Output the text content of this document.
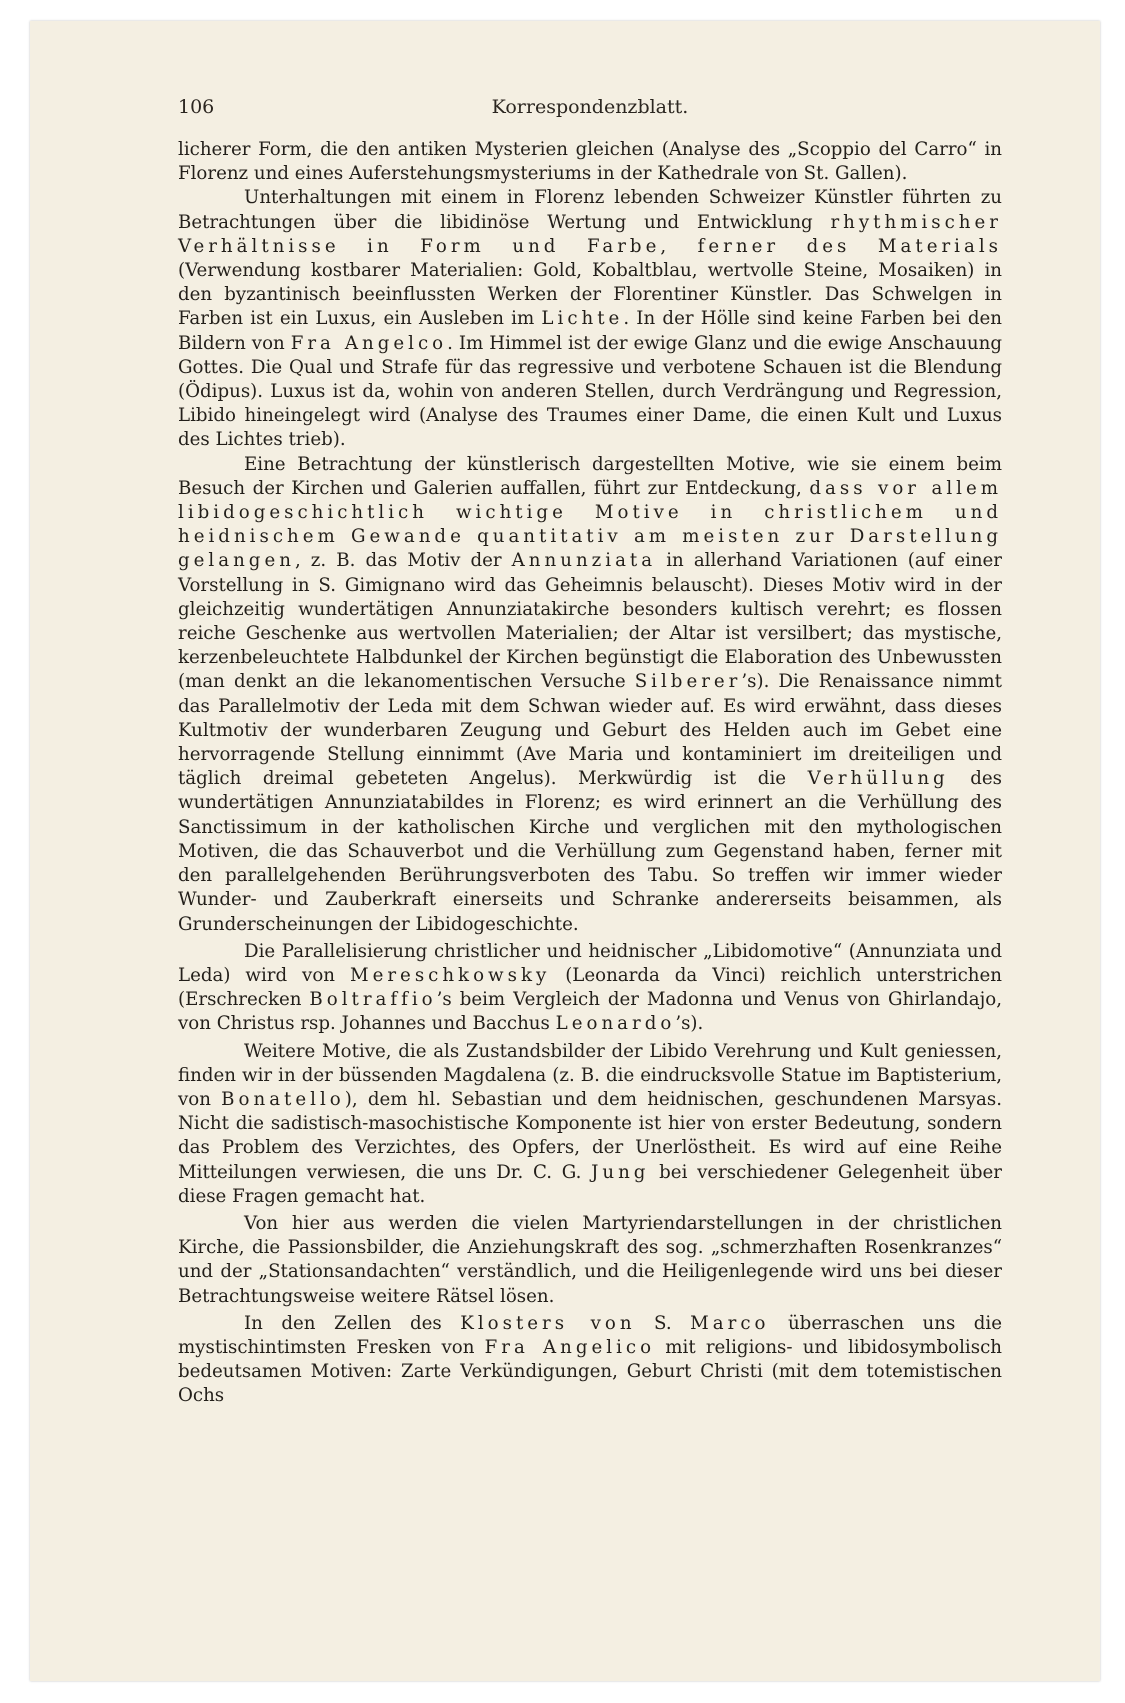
106	Korrespondenzblatt.

licherer Form, die den antiken Mysterien gleichen (Analyse des „Scoppio del Carro“ in Florenz und eines Auferstehungsmysteriums in der Kathedrale von St. Gallen).

Unterhaltungen mit einem in Florenz lebenden Schweizer Künstler führten zu Betrachtungen über die libidinöse Wertung und Entwicklung rhythmischer Verhältnisse in Form und Farbe, ferner des Materials (Verwendung kostbarer Materialien: Gold, Kobaltblau, wertvolle Steine, Mosaiken) in den byzantinisch beeinflussten Werken der Florentiner Künstler. Das Schwelgen in Farben ist ein Luxus, ein Ausleben im Lichte. In der Hölle sind keine Farben bei den Bildern von Fra Angelco. Im Himmel ist der ewige Glanz und die ewige Anschauung Gottes. Die Qual und Strafe für das regressive und verbotene Schauen ist die Blendung (Ödipus). Luxus ist da, wohin von anderen Stellen, durch Verdrängung und Regression, Libido hineingelegt wird (Analyse des Traumes einer Dame, die einen Kult und Luxus des Lichtes trieb).

Eine Betrachtung der künstlerisch dargestellten Motive, wie sie einem beim Besuch der Kirchen und Galerien auffallen, führt zur Entdeckung, dass vor allem libidogeschichtlich wichtige Motive in christlichem und heidnischem Gewande quantitativ am meisten zur Darstellung gelangen, z. B. das Motiv der Annunziata in allerhand Variationen (auf einer Vorstellung in S. Gimignano wird das Geheimnis belauscht). Dieses Motiv wird in der gleichzeitig wundertätigen Annunziatakirche besonders kultisch verehrt; es flossen reiche Geschenke aus wertvollen Materialien; der Altar ist versilbert; das mystische, kerzenbeleuchtete Halbdunkel der Kirchen begünstigt die Elaboration des Unbewussten (man denkt an die lekanomentischen Versuche Silberer’s). Die Renaissance nimmt das Parallelmotiv der Leda mit dem Schwan wieder auf. Es wird erwähnt, dass dieses Kultmotiv der wunderbaren Zeugung und Geburt des Helden auch im Gebet eine hervorragende Stellung einnimmt (Ave Maria und kontaminiert im dreiteiligen und täglich dreimal gebeteten Angelus). Merkwürdig ist die Verhüllung des wundertätigen Annunziatabildes in Florenz; es wird erinnert an die Verhüllung des Sanctissimum in der katholischen Kirche und verglichen mit den mythologischen Motiven, die das Schauverbot und die Verhüllung zum Gegenstand haben, ferner mit den parallelgehenden Berührungsverboten des Tabu. So treffen wir immer wieder Wunder- und Zauberkraft einerseits und Schranke andererseits beisammen, als Grunderscheinungen der Libidogeschichte.

Die Parallelisierung christlicher und heidnischer „Libidomotive“ (Annunziata und Leda) wird von Mereschkowsky (Leonarda da Vinci) reichlich unterstrichen (Erschrecken Boltraffio’s beim Vergleich der Madonna und Venus von Ghirlandajo, von Christus rsp. Johannes und Bacchus Leonardo’s).

Weitere Motive, die als Zustandsbilder der Libido Verehrung und Kult geniessen, finden wir in der büssenden Magdalena (z. B. die eindrucksvolle Statue im Baptisterium, von Bonatello), dem hl. Sebastian und dem heidnischen, geschundenen Marsyas. Nicht die sadistisch-masochistische Komponente ist hier von erster Bedeutung, sondern das Problem des Verzichtes, des Opfers, der Unerlöstheit. Es wird auf eine Reihe Mitteilungen verwiesen, die uns Dr. C. G. Jung bei verschiedener Gelegenheit über diese Fragen gemacht hat.

Von hier aus werden die vielen Martyriendarstellungen in der christlichen Kirche, die Passionsbilder, die Anziehungskraft des sog. „schmerzhaften Rosenkranzes“ und der „Stationsandachten“ verständlich, und die Heiligenlegende wird uns bei dieser Betrachtungsweise weitere Rätsel lösen.

In den Zellen des Klosters von S. Marco überraschen uns die mystischintimsten Fresken von Fra Angelico mit religions- und libidosymbolisch bedeutsamen Motiven: Zarte Verkündigungen, Geburt Christi (mit dem totemistischen Ochs
